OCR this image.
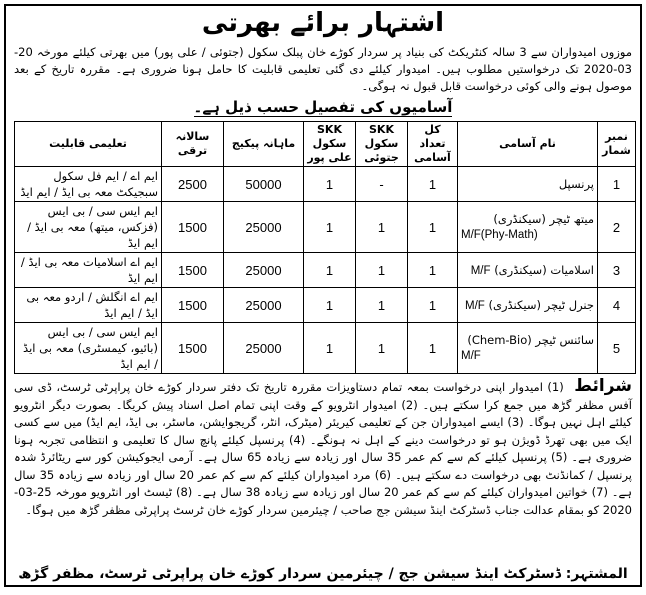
اشتہار برائے بھرتی
موزوں امیدواران سے 3 سالہ کنٹریکٹ کی بنیاد پر سردار کوڑے خان پبلک سکول (جتوئی / علی پور) میں بھرتی کیلئے مورخہ 20-03-2020 تک درخواستیں مطلوب ہیں۔ امیدوار کیلئے دی گئی تعلیمی قابلیت کا حامل ہونا ضروری ہے۔ مقررہ تاریخ کے بعد موصول ہونے والی کوئی درخواست قابل قبول نہ ہوگی۔
آسامیوں کی تفصیل حسب ذیل ہے۔
نمبر شمار	نام آسامی	کل تعداد آسامی	SKK سکول جتوئی	SKK سکول علی پور	ماہانہ پیکیج	سالانہ ترقی	تعلیمی قابلیت
1	پرنسپل	1	-	1	50000	2500	ایم اے / ایم فل سکول سبجیکٹ معہ بی ایڈ / ایم ایڈ
2	میتھ ٹیچر (سیکنڈری)
M/F(Phy-Math)	1	1	1	25000	1500	ایم ایس سی / بی ایس (فزکس، میتھ) معہ بی ایڈ / ایم ایڈ
3	اسلامیات (سیکنڈری) M/F	1	1	1	25000	1500	ایم اے اسلامیات معہ بی ایڈ / ایم ایڈ
4	جنرل ٹیچر (سیکنڈری) M/F	1	1	1	25000	1500	ایم اے انگلش / اردو معہ بی ایڈ / ایم ایڈ
5	سائنس ٹیچر (Chem-Bio)
M/F	1	1	1	25000	1500	ایم ایس سی / بی ایس (بائیو، کیمسٹری) معہ بی ایڈ / ایم ایڈ
شرائط (1) امیدوار اپنی درخواست بمعہ تمام دستاویزات مقررہ تاریخ تک دفتر سردار کوڑے خان پراپرٹی ٹرسٹ، ڈی سی آفس مظفر گڑھ میں جمع کرا سکتے ہیں۔ (2) امیدوار انٹرویو کے وقت اپنی تمام اصل اسناد پیش کریگا۔ بصورت دیگر انٹرویو کیلئے اہل نہیں ہوگا۔ (3) ایسے امیدواران جن کے تعلیمی کیریئر (میٹرک، انٹر، گریجوایشن، ماسٹر، بی ایڈ، ایم ایڈ) میں سے کسی ایک میں بھی تھرڈ ڈویژن ہو تو درخواست دینے کے اہل نہ ہونگے۔ (4) پرنسپل کیلئے پانچ سال کا تعلیمی و انتظامی تجربہ ہونا ضروری ہے۔ (5) پرنسپل کیلئے کم سے کم عمر 35 سال اور زیادہ سے زیادہ 65 سال ہے۔ آرمی ایجوکیشن کور سے ریٹائرڈ شدہ پرنسپل / کمانڈنٹ بھی درخواست دے سکتے ہیں۔ (6) مرد امیدواران کیلئے کم سے کم عمر 20 سال اور زیادہ سے زیادہ 35 سال ہے۔ (7) خواتین امیدواران کیلئے کم سے کم عمر 20 سال اور زیادہ سے زیادہ 38 سال ہے۔ (8) ٹیسٹ اور انٹرویو مورخہ 25-03-2020 کو بمقام عدالت جناب ڈسٹرکٹ اینڈ سیشن جج صاحب / چیئرمین سردار کوڑے خان ٹرسٹ پراپرٹی مظفر گڑھ میں ہوگا۔
المشتہر: ڈسٹرکٹ اینڈ سیشن جج / چیئرمین سردار کوڑے خان پراپرٹی ٹرسٹ، مظفر گڑھ
